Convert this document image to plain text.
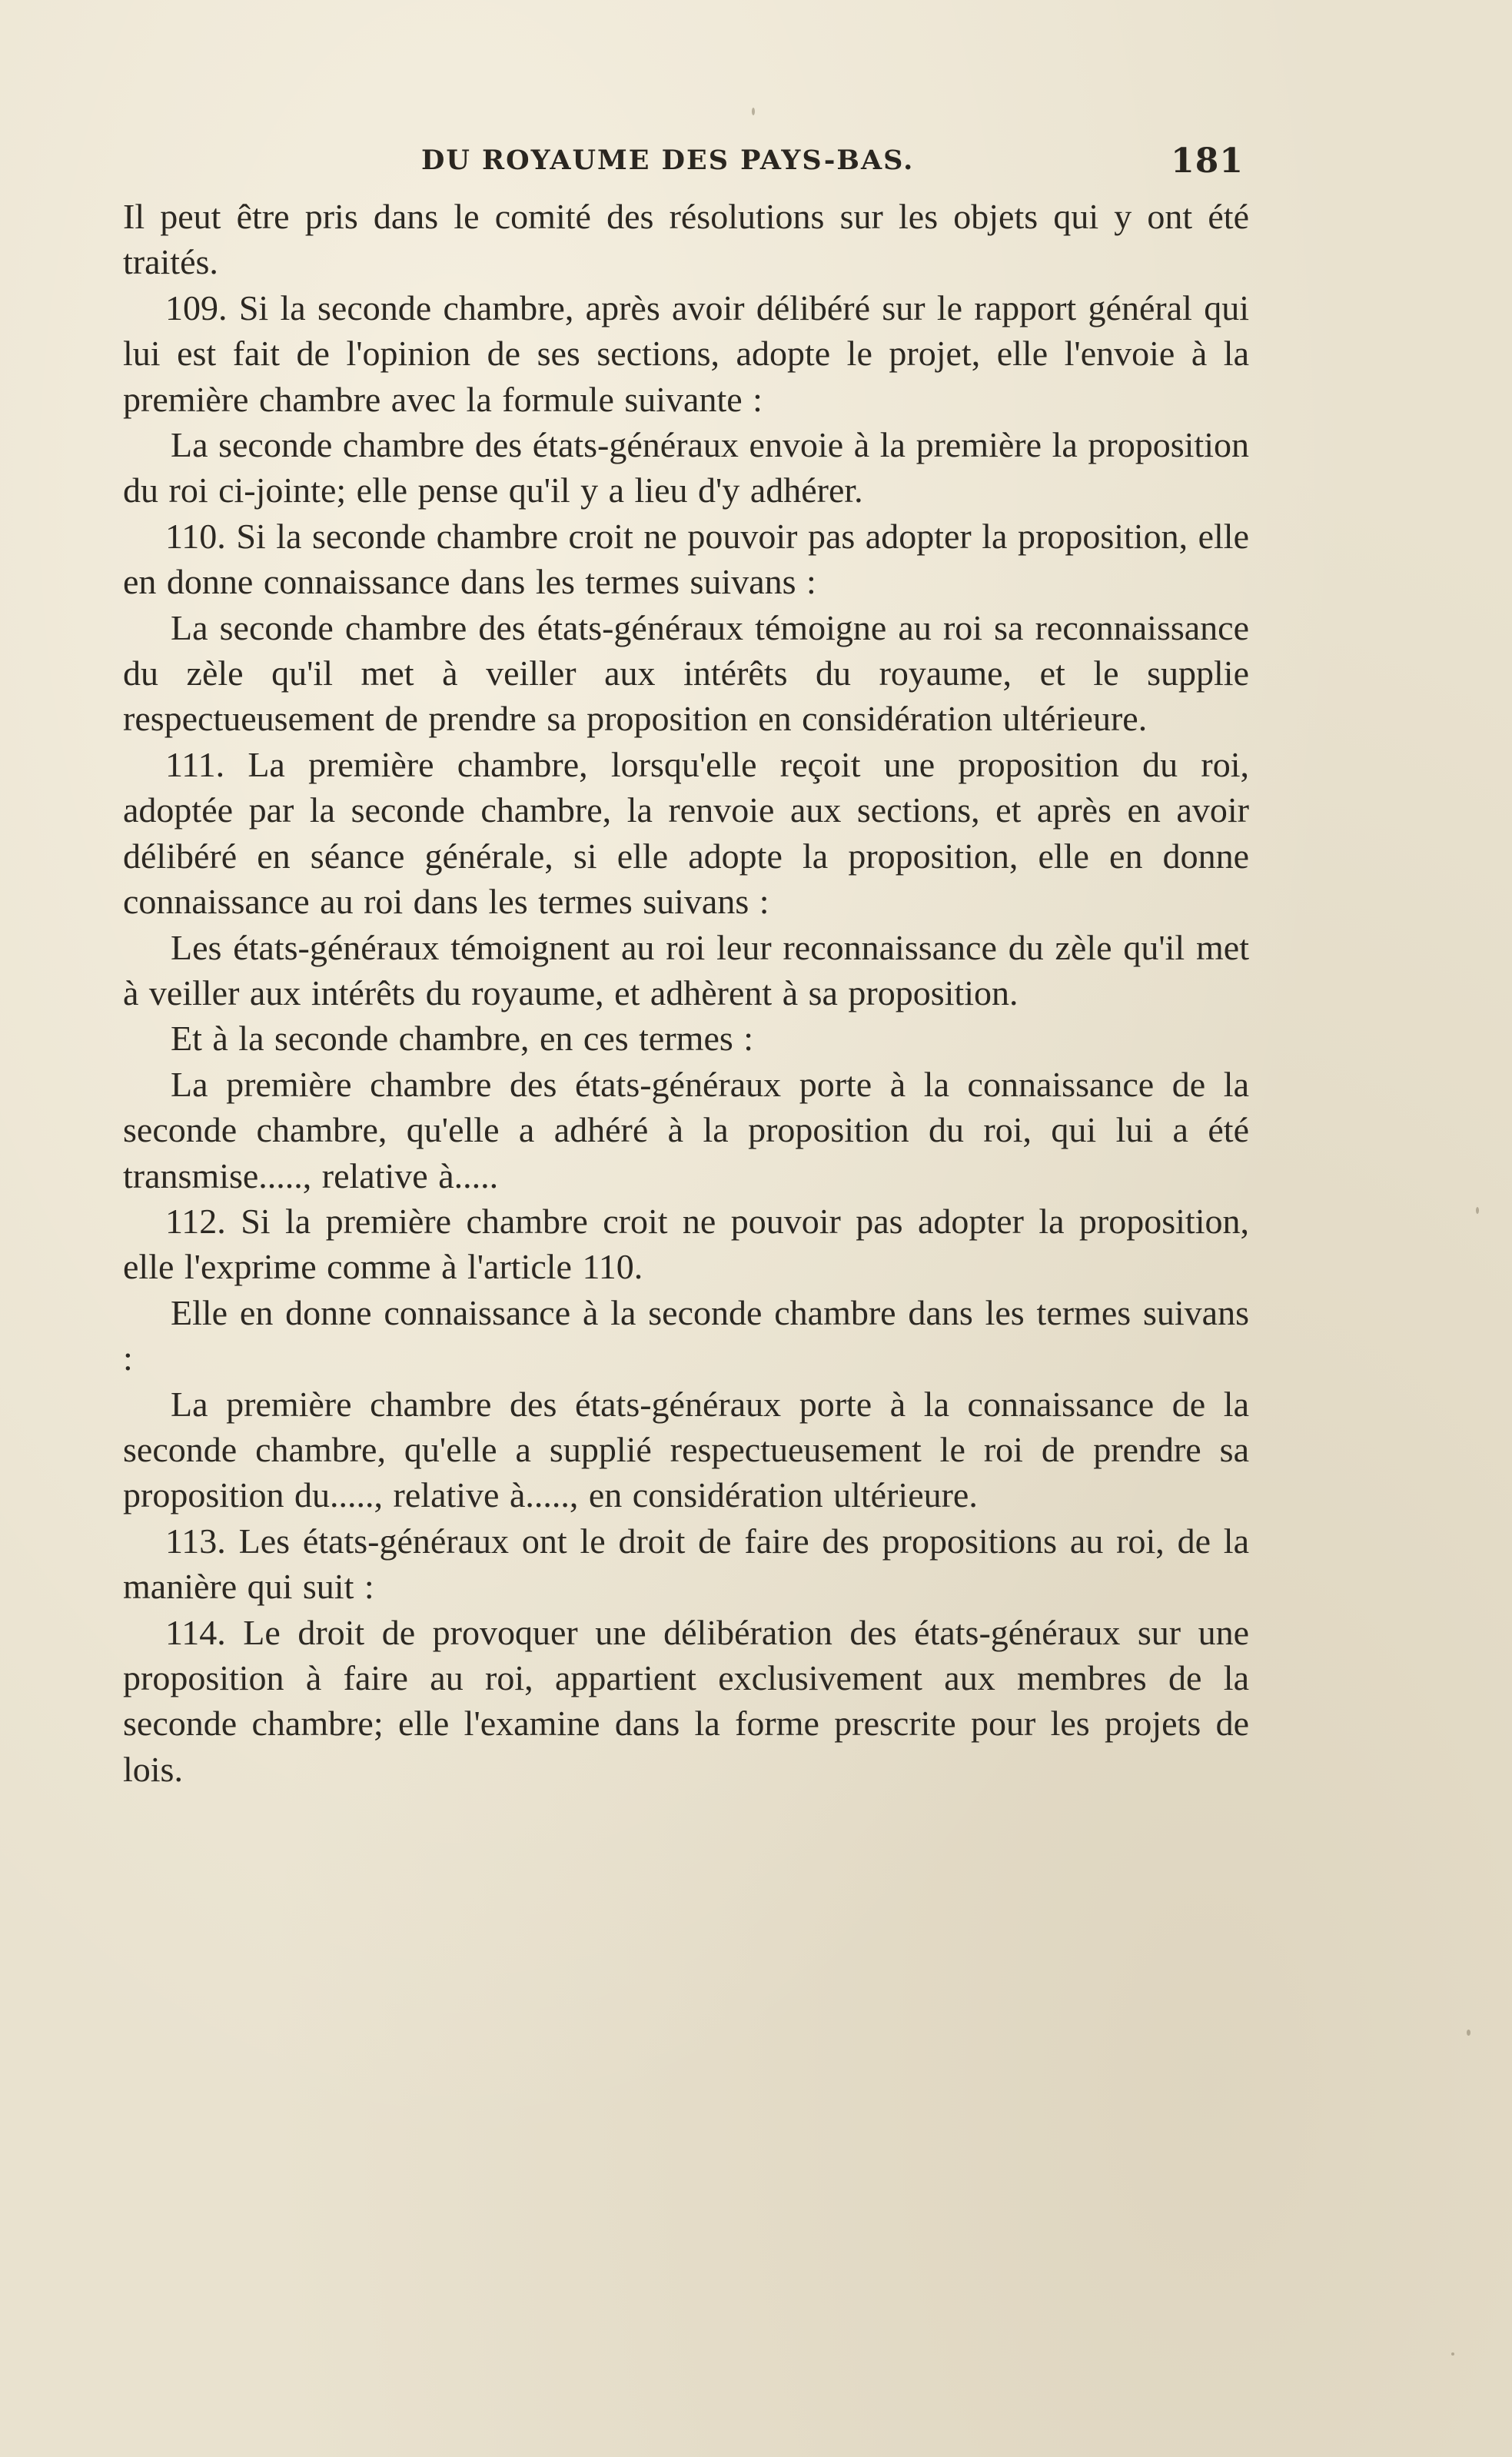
DU ROYAUME DES PAYS-BAS.	181

Il peut être pris dans le comité des résolutions sur les objets qui y ont été traités.

109. Si la seconde chambre, après avoir délibéré sur le rapport général qui lui est fait de l'opinion de ses sections, adopte le projet, elle l'envoie à la première chambre avec la formule suivante :

La seconde chambre des états-généraux envoie à la première la proposition du roi ci-jointe; elle pense qu'il y a lieu d'y adhérer.

110. Si la seconde chambre croit ne pouvoir pas adopter la proposition, elle en donne connaissance dans les termes suivans :

La seconde chambre des états-généraux témoigne au roi sa reconnaissance du zèle qu'il met à veiller aux intérêts du royaume, et le supplie respectueusement de prendre sa proposition en considération ultérieure.

111. La première chambre, lorsqu'elle reçoit une proposition du roi, adoptée par la seconde chambre, la renvoie aux sections, et après en avoir délibéré en séance générale, si elle adopte la proposition, elle en donne connaissance au roi dans les termes suivans :

Les états-généraux témoignent au roi leur reconnaissance du zèle qu'il met à veiller aux intérêts du royaume, et adhèrent à sa proposition.

Et à la seconde chambre, en ces termes :

La première chambre des états-généraux porte à la connaissance de la seconde chambre, qu'elle a adhéré à la proposition du roi, qui lui a été transmise....., relative à.....

112. Si la première chambre croit ne pouvoir pas adopter la proposition, elle l'exprime comme à l'article 110.

Elle en donne connaissance à la seconde chambre dans les termes suivans :

La première chambre des états-généraux porte à la connaissance de la seconde chambre, qu'elle a supplié respectueusement le roi de prendre sa proposition du....., relative à....., en considération ultérieure.

113. Les états-généraux ont le droit de faire des propositions au roi, de la manière qui suit :

114. Le droit de provoquer une délibération des états-généraux sur une proposition à faire au roi, appartient exclusivement aux membres de la seconde chambre; elle l'examine dans la forme prescrite pour les projets de lois.
